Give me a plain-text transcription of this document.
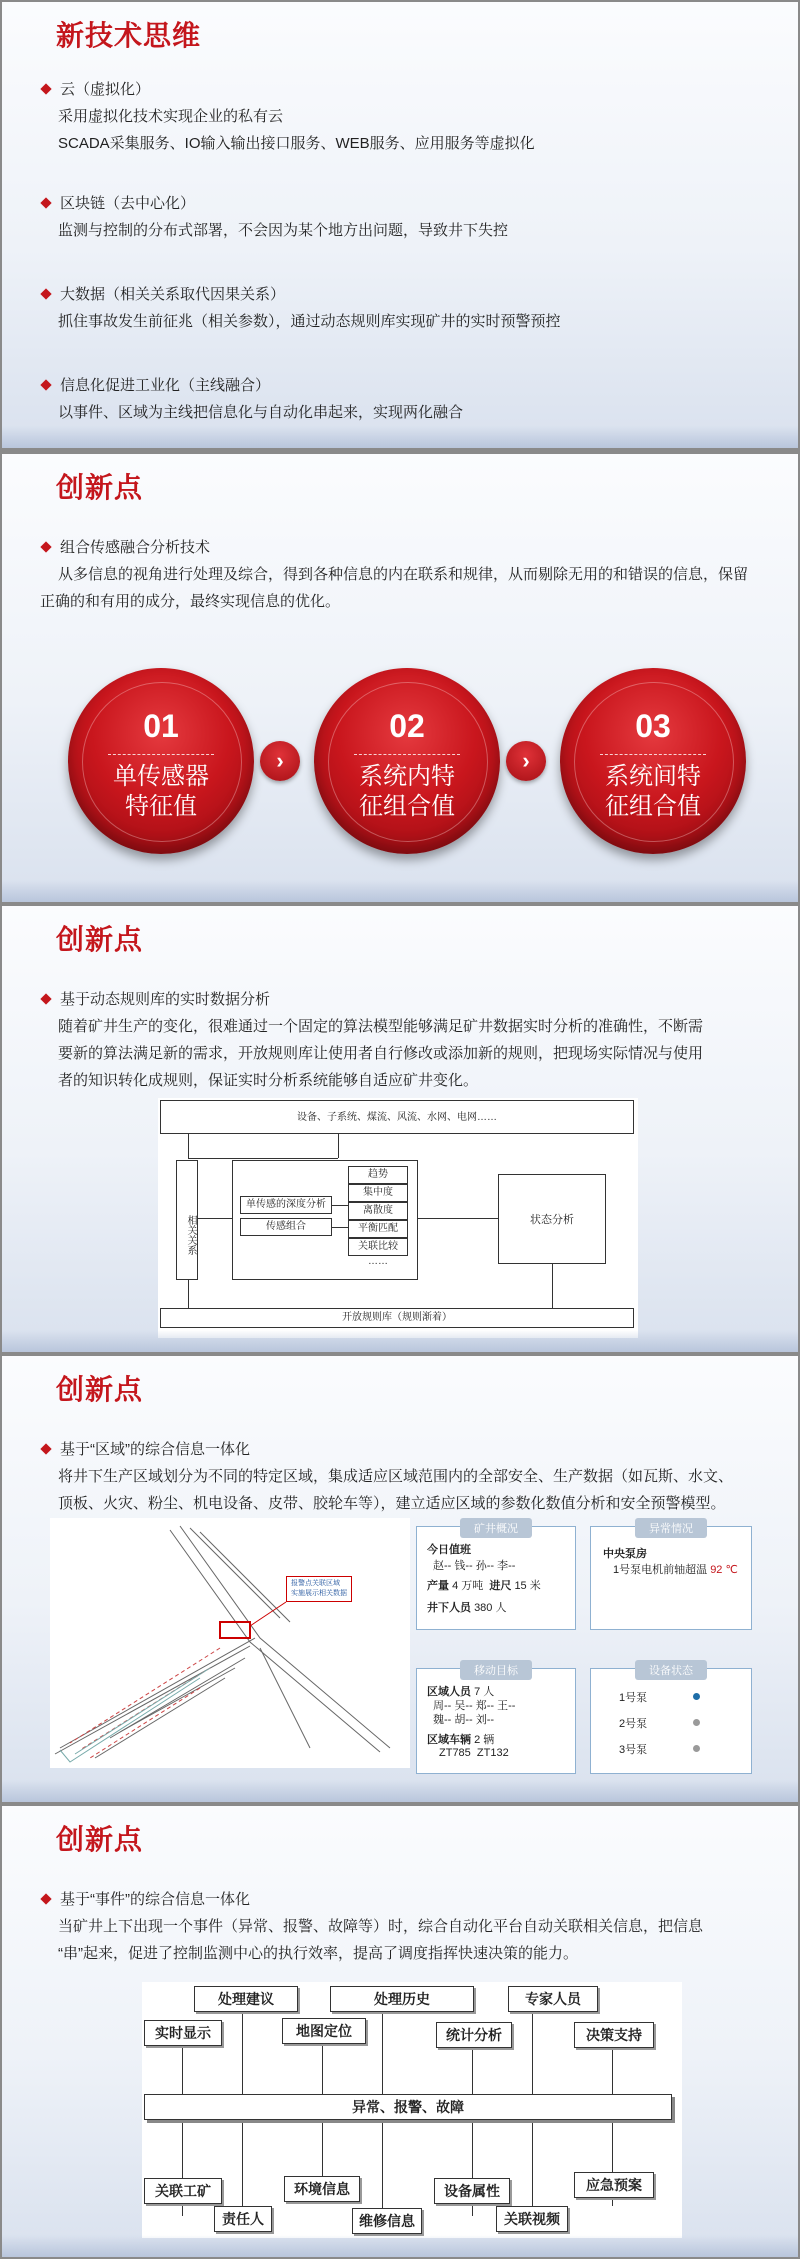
新技术思维
云（虚拟化）
采用虚拟化技术实现企业的私有云
SCADA采集服务、IO输入输出接口服务、WEB服务、应用服务等虚拟化
区块链（去中心化）
监测与控制的分布式部署，不会因为某个地方出问题，导致井下失控
大数据（相关关系取代因果关系）
抓住事故发生前征兆（相关参数），通过动态规则库实现矿井的实时预警预控
信息化促进工业化（主线融合）
以事件、区域为主线把信息化与自动化串起来，实现两化融合
创新点
组合传感融合分析技术
从多信息的视角进行处理及综合，得到各种信息的内在联系和规律，从而剔除无用的和错误的信息，保留
正确的和有用的成分，最终实现信息的优化。
01
单传感器
特征值
›
02
系统内特
征组合值
›
03
系统间特
征组合值
创新点
基于动态规则库的实时数据分析
随着矿井生产的变化，很难通过一个固定的算法模型能够满足矿井数据实时分析的准确性，不断需
要新的算法满足新的需求，开放规则库让使用者自行修改或添加新的规则，把现场实际情况与使用
者的知识转化成规则，保证实时分析系统能够自适应矿井变化。
设备、子系统、煤流、风流、水网、电网……
相关关系
单传感的深度分析
传感组合
趋势
集中度
离散度
平衡匹配
关联比较
……
状态分析
开放规则库（规则渐着）
创新点
基于“区域”的综合信息一体化
将井下生产区域划分为不同的特定区域，集成适应区域范围内的全部安全、生产数据（如瓦斯、水文、
顶板、火灾、粉尘、机电设备、皮带、胶轮车等），建立适应区域的参数化数值分析和安全预警模型。
报警点关联区域
实施展示相关数据
矿井概况
今日值班
赵-- 钱-- 孙-- 李--
产量 4 万吨 进尺 15 米
井下人员 380 人
异常情况
中央泵房
1号泵电机前轴超温 92 ℃
移动目标
区域人员 7 人
周-- 吴-- 郑-- 王--
魏-- 胡-- 刘--
区域车辆 2 辆
ZT785  ZT132
设备状态
1号泵
2号泵
3号泵
创新点
基于“事件”的综合信息一体化
当矿井上下出现一个事件（异常、报警、故障等）时，综合自动化平台自动关联相关信息，把信息
“串”起来，促进了控制监测中心的执行效率，提高了调度指挥快速决策的能力。
处理建议	处理历史	专家人员
实时显示	地图定位	统计分析	决策支持
异常、报警、故障
关联工矿	环境信息	设备属性	应急预案
责任人	维修信息	关联视频
